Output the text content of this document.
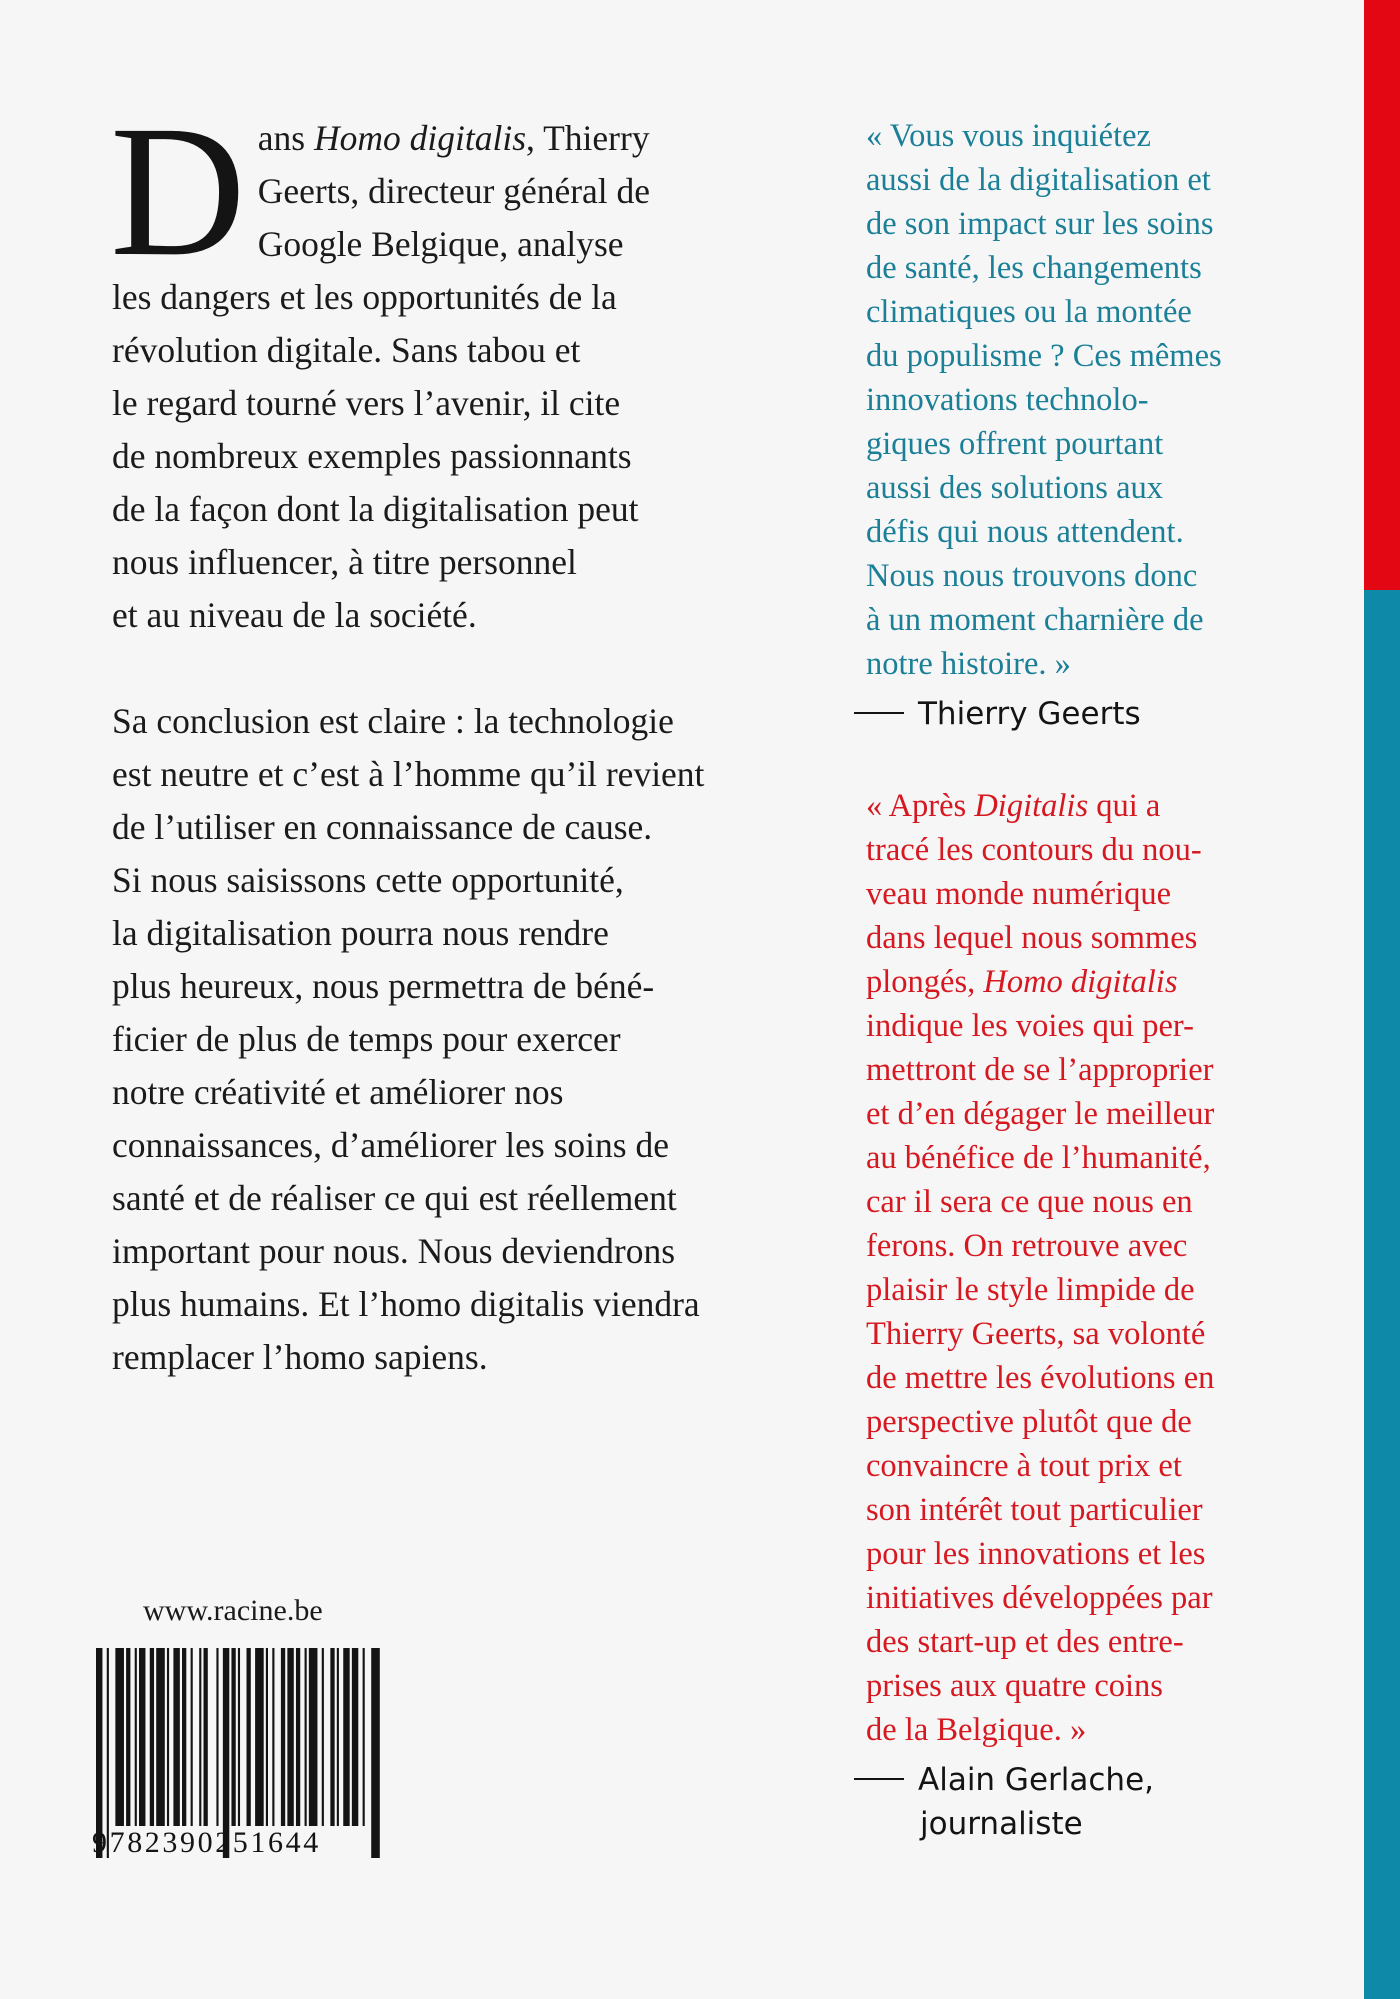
D ans Homo digitalis, Thierry
Geerts, directeur général de
Google Belgique, analyse
les dangers et les opportunités de la
révolution digitale. Sans tabou et
le regard tourné vers l’avenir, il cite
de nombreux exemples passionnants
de la façon dont la digitalisation peut
nous influencer, à titre personnel
et au niveau de la société.

Sa conclusion est claire : la technologie
est neutre et c’est à l’homme qu’il revient
de l’utiliser en connaissance de cause.
Si nous saisissons cette opportunité,
la digitalisation pourra nous rendre
plus heureux, nous permettra de béné-
ficier de plus de temps pour exercer
notre créativité et améliorer nos
connaissances, d’améliorer les soins de
santé et de réaliser ce qui est réellement
important pour nous. Nous deviendrons
plus humains. Et l’homo digitalis viendra
remplacer l’homo sapiens.

« Vous vous inquiétez
aussi de la digitalisation et
de son impact sur les soins
de santé, les changements
climatiques ou la montée
du populisme ? Ces mêmes
innovations technolo-
giques offrent pourtant
aussi des solutions aux
défis qui nous attendent.
Nous nous trouvons donc
à un moment charnière de
notre histoire. »
Thierry Geerts
« Après Digitalis qui a
tracé les contours du nou-
veau monde numérique
dans lequel nous sommes
plongés, Homo digitalis
indique les voies qui per-
mettront de se l’approprier
et d’en dégager le meilleur
au bénéfice de l’humanité,
car il sera ce que nous en
ferons. On retrouve avec
plaisir le style limpide de
Thierry Geerts, sa volonté
de mettre les évolutions en
perspective plutôt que de
convaincre à tout prix et
son intérêt tout particulier
pour les innovations et les
initiatives développées par
des start-up et des entre-
prises aux quatre coins
de la Belgique. »
Alain Gerlache,
journaliste
www.racine.be
9782390251644
